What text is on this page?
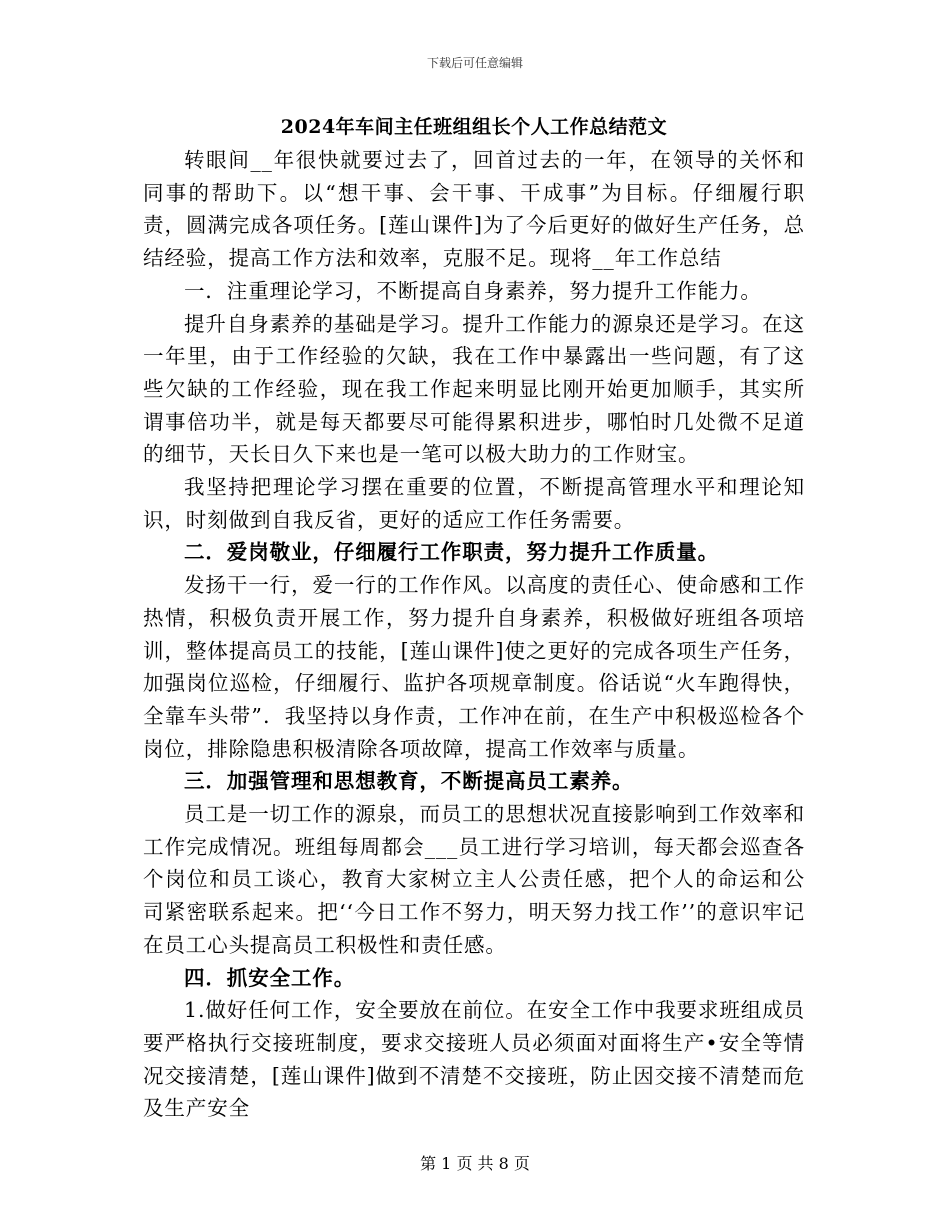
下载后可任意编辑
2024年车间主任班组组长个人工作总结范文

转眼间__年很快就要过去了，回首过去的一年，在领导的关怀和同事的帮助下。以“想干事、会干事、干成事”为目标。仔细履行职责，圆满完成各项任务。[莲山课件]为了今后更好的做好生产任务，总结经验，提高工作方法和效率，克服不足。现将__年工作总结

一．注重理论学习，不断提高自身素养，努力提升工作能力。

提升自身素养的基础是学习。提升工作能力的源泉还是学习。在这一年里，由于工作经验的欠缺，我在工作中暴露出一些问题，有了这些欠缺的工作经验，现在我工作起来明显比刚开始更加顺手，其实所谓事倍功半，就是每天都要尽可能得累积进步，哪怕时几处微不足道的细节，天长日久下来也是一笔可以极大助力的工作财宝。

我坚持把理论学习摆在重要的位置，不断提高管理水平和理论知识，时刻做到自我反省，更好的适应工作任务需要。

二．爱岗敬业，仔细履行工作职责，努力提升工作质量。

发扬干一行，爱一行的工作作风。以高度的责任心、使命感和工作热情，积极负责开展工作，努力提升自身素养，积极做好班组各项培训，整体提高员工的技能，[莲山课件]使之更好的完成各项生产任务，加强岗位巡检，仔细履行、监护各项规章制度。俗话说“火车跑得快，全靠车头带”．我坚持以身作责，工作冲在前，在生产中积极巡检各个岗位，排除隐患积极清除各项故障，提高工作效率与质量。

三．加强管理和思想教育，不断提高员工素养。

员工是一切工作的源泉，而员工的思想状况直接影响到工作效率和工作完成情况。班组每周都会___员工进行学习培训，每天都会巡查各个岗位和员工谈心，教育大家树立主人公责任感，把个人的命运和公司紧密联系起来。把‘‘今日工作不努力，明天努力找工作’’的意识牢记在员工心头提高员工积极性和责任感。

四．抓安全工作。

1.做好任何工作，安全要放在前位。在安全工作中我要求班组成员要严格执行交接班制度，要求交接班人员必须面对面将生产•安全等情况交接清楚，[莲山课件]做到不清楚不交接班，防止因交接不清楚而危及生产安全

第 1 页 共 8 页
